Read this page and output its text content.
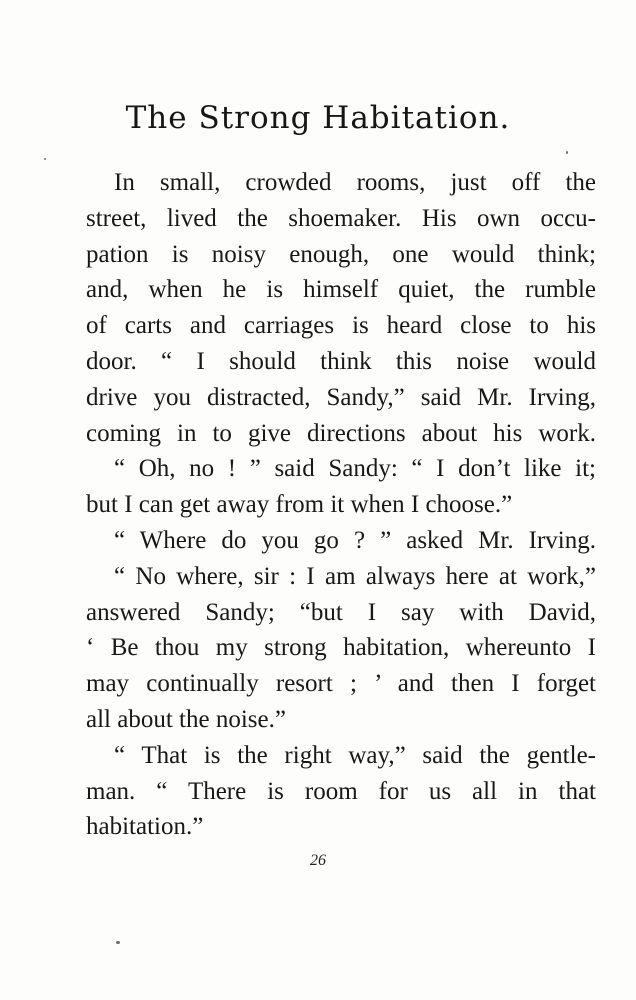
The Strong Habitation.
In small, crowded rooms, just off the
street, lived the shoemaker. His own occu-
pation is noisy enough, one would think;
and, when he is himself quiet, the rumble
of carts and carriages is heard close to his
door. “ I should think this noise would
drive you distracted, Sandy,” said Mr. Irving,
coming in to give directions about his work.
“ Oh, no ! ” said Sandy: “ I don’t like it;
but I can get away from it when I choose.”
“ Where do you go ? ” asked Mr. Irving.
“ No where, sir : I am always here at work,”
answered Sandy; “but I say with David,
‘ Be thou my strong habitation, whereunto I
may continually resort ; ’ and then I forget
all about the noise.”
“ That is the right way,” said the gentle-
man. “ There is room for us all in that
habitation.”
26
